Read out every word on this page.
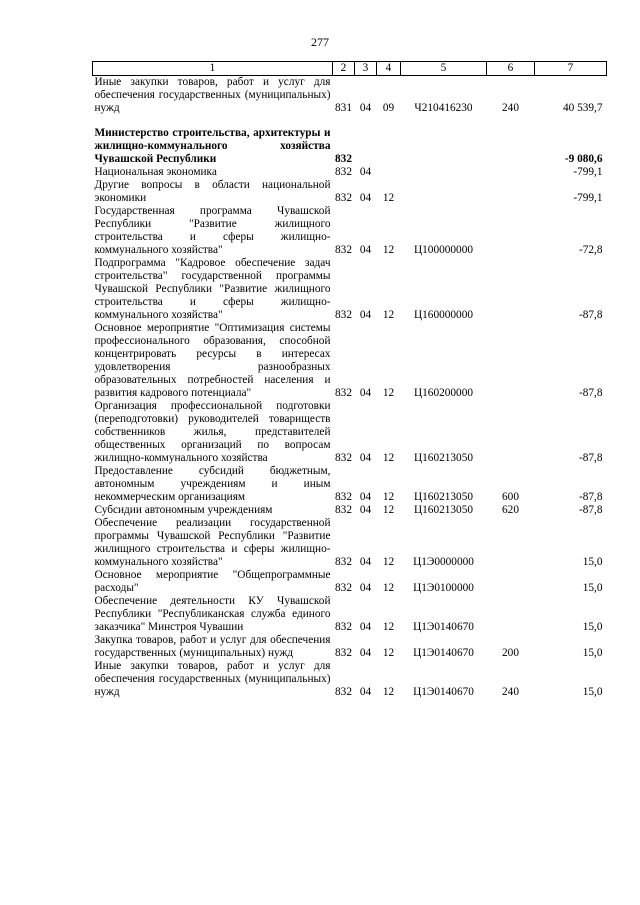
277
1	2	3	4	5	6	7
Иные закупки товаров, работ и услуг для обеспечения государственных (муниципальных) нужд	831	04	09	Ч210416230	240	40 539,7

Министерство строительства, архитектуры и жилищно-коммунального хозяйства Чувашской Республики	832					-9 080,6
Национальная экономика	832	04				-799,1
Другие вопросы в области национальной экономики	832	04	12			-799,1
Государственная программа Чувашской Республики "Развитие жилищного строительства и сферы жилищно-коммунального хозяйства"	832	04	12	Ц100000000		-72,8
Подпрограмма "Кадровое обеспечение задач строительства" государственной программы Чувашской Республики "Развитие жилищного строительства и сферы жилищно-коммунального хозяйства"	832	04	12	Ц160000000		-87,8
Основное мероприятие "Оптимизация системы профессионального образования, способной концентрировать ресурсы в интересах удовлетворения разнообразных образовательных потребностей населения и развития кадрового потенциала"	832	04	12	Ц160200000		-87,8
Организация профессиональной подготовки (переподготовки) руководителей товариществ собственников жилья, представителей общественных организаций по вопросам жилищно-коммунального хозяйства	832	04	12	Ц160213050		-87,8
Предоставление субсидий бюджетным, автономным учреждениям и иным некоммерческим организациям	832	04	12	Ц160213050	600	-87,8
Субсидии автономным учреждениям	832	04	12	Ц160213050	620	-87,8
Обеспечение реализации государственной программы Чувашской Республики "Развитие жилищного строительства и сферы жилищно-коммунального хозяйства"	832	04	12	Ц1Э0000000		15,0
Основное мероприятие "Общепрограммные расходы"	832	04	12	Ц1Э0100000		15,0
Обеспечение деятельности КУ Чувашской Республики "Республиканская служба единого заказчика" Минстроя Чувашии	832	04	12	Ц1Э0140670		15,0
Закупка товаров, работ и услуг для обеспечения государственных (муниципальных) нужд	832	04	12	Ц1Э0140670	200	15,0
Иные закупки товаров, работ и услуг для обеспечения государственных (муниципальных) нужд	832	04	12	Ц1Э0140670	240	15,0
